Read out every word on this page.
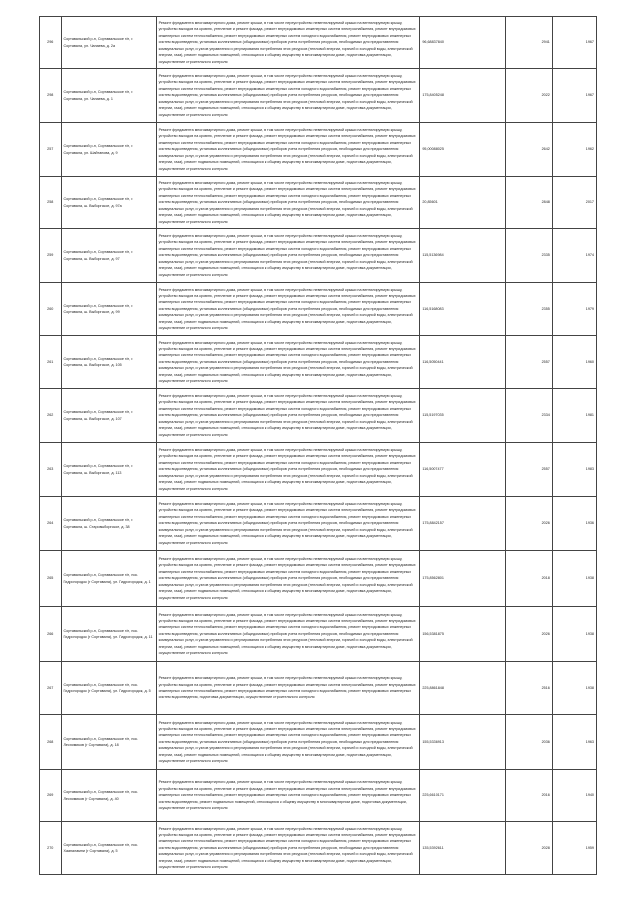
296	Сортавальский р-н, Сортавальское г/п, г. Сортавала, ул. Чапаева, д. 2а	Ремонт фундамента многоквартирного дома, ремонт крыши, в том числе переустройство невентилируемой крыши на вентилируемую крышу, устройство выходов на кровлю, утепление и ремонт фасада, ремонт внутридомовых инженерных систем электроснабжения, ремонт внутридомовых инженерных систем теплоснабжения, ремонт внутридомовых инженерных систем холодного водоснабжения, ремонт внутридомовых инженерных систем водоотведения, установка коллективных (общедомовых) приборов учета потребления ресурсов, необходимых для предоставления коммунальных услуг, и узлов управления и регулирования потребления этих ресурсов (тепловой энергии, горячей и холодной воды, электрической энергии, газа), ремонт подвальных помещений, относящихся к общему имуществу в многоквартирном доме, подготовка документации, осуществление строительного контроля	96,68837840	2941	1967
298	Сортавальский р-н, Сортавальское г/п, г. Сортавала, ул. Чапаева, д. 1	Ремонт фундамента многоквартирного дома, ремонт крыши, в том числе переустройство невентилируемой крыши на вентилируемую крышу, устройство выходов на кровлю, утепление и ремонт фасада, ремонт внутридомовых инженерных систем электроснабжения, ремонт внутридомовых инженерных систем теплоснабжения, ремонт внутридомовых инженерных систем холодного водоснабжения, ремонт внутридомовых инженерных систем водоотведения, установка коллективных (общедомовых) приборов учета потребления ресурсов, необходимых для предоставления коммунальных услуг, и узлов управления и регулирования потребления этих ресурсов (тепловой энергии, горячей и холодной воды, электрической энергии, газа), ремонт подвальных помещений, относящихся к общему имуществу в многоквартирном доме, подготовка документации, осуществление строительного контроля	175,8405248	2022	1967
257	Сортавальский р-н, Сортавальское г/п, г. Сортавала, ул. Шайтанова, д. 9	Ремонт фундамента многоквартирного дома, ремонт крыши, в том числе переустройство невентилируемой крыши на вентилируемую крышу, устройство выходов на кровлю, утепление и ремонт фасада, ремонт внутридомовых инженерных систем электроснабжения, ремонт внутридомовых инженерных систем теплоснабжения, ремонт внутридомовых инженерных систем холодного водоснабжения, ремонт внутридомовых инженерных систем водоотведения, установка коллективных (общедомовых) приборов учета потребления ресурсов, необходимых для предоставления коммунальных услуг, и узлов управления и регулирования потребления этих ресурсов (тепловой энергии, горячей и холодной воды, электрической энергии, газа), ремонт подвальных помещений, относящихся к общему имуществу в многоквартирном доме, подготовка документации, осуществление строительного контроля	95,00088025	2642	1962
258	Сортавальский р-н, Сортавальское г/п, г. Сортавала, ш. Выборгское, д. 97а	Ремонт фундамента многоквартирного дома, ремонт крыши, в том числе переустройство невентилируемой крыши на вентилируемую крышу, устройство выходов на кровлю, утепление и ремонт фасада, ремонт внутридомовых инженерных систем электроснабжения, ремонт внутридомовых инженерных систем теплоснабжения, ремонт внутридомовых инженерных систем холодного водоснабжения, ремонт внутридомовых инженерных систем водоотведения, установка коллективных (общедомовых) приборов учета потребления ресурсов, необходимых для предоставления коммунальных услуг, и узлов управления и регулирования потребления этих ресурсов (тепловой энергии, горячей и холодной воды, электрической энергии, газа), ремонт подвальных помещений, относящихся к общему имуществу в многоквартирном доме, подготовка документации, осуществление строительного контроля	20,85601	2848	2017
259	Сортавальский р-н, Сортавальское г/п, г. Сортавала, ш. Выборгское, д. 97	Ремонт фундамента многоквартирного дома, ремонт крыши, в том числе переустройство невентилируемой крыши на вентилируемую крышу, устройство выходов на кровлю, утепление и ремонт фасада, ремонт внутридомовых инженерных систем электроснабжения, ремонт внутридомовых инженерных систем теплоснабжения, ремонт внутридомовых инженерных систем холодного водоснабжения, ремонт внутридомовых инженерных систем водоотведения, установка коллективных (общедомовых) приборов учета потребления ресурсов, необходимых для предоставления коммунальных услуг, и узлов управления и регулирования потребления этих ресурсов (тепловой энергии, горячей и холодной воды, электрической энергии, газа), ремонт подвальных помещений, относящихся к общему имуществу в многоквартирном доме, подготовка документации, осуществление строительного контроля	115,5136984	2335	1974
260	Сортавальский р-н, Сортавальское г/п, г. Сортавала, ш. Выборгское, д. 99	Ремонт фундамента многоквартирного дома, ремонт крыши, в том числе переустройство невентилируемой крыши на вентилируемую крышу, устройство выходов на кровлю, утепление и ремонт фасада, ремонт внутридомовых инженерных систем электроснабжения, ремонт внутридомовых инженерных систем теплоснабжения, ремонт внутридомовых инженерных систем холодного водоснабжения, ремонт внутридомовых инженерных систем водоотведения, установка коллективных (общедомовых) приборов учета потребления ресурсов, необходимых для предоставления коммунальных услуг, и узлов управления и регулирования потребления этих ресурсов (тепловой энергии, горячей и холодной воды, электрической энергии, газа), ремонт подвальных помещений, относящихся к общему имуществу в многоквартирном доме, подготовка документации, осуществление строительного контроля	116,5168083	2355	1979
261	Сортавальский р-н, Сортавальское г/п, г. Сортавала, ш. Выборгское, д. 105	Ремонт фундамента многоквартирного дома, ремонт крыши, в том числе переустройство невентилируемой крыши на вентилируемую крышу, устройство выходов на кровлю, утепление и ремонт фасада, ремонт внутридомовых инженерных систем электроснабжения, ремонт внутридомовых инженерных систем теплоснабжения, ремонт внутридомовых инженерных систем холодного водоснабжения, ремонт внутридомовых инженерных систем водоотведения, установка коллективных (общедомовых) приборов учета потребления ресурсов, необходимых для предоставления коммунальных услуг, и узлов управления и регулирования потребления этих ресурсов (тепловой энергии, горячей и холодной воды, электрической энергии, газа), ремонт подвальных помещений, относящихся к общему имуществу в многоквартирном доме, подготовка документации, осуществление строительного контроля	116,5050441	2557	1960
262	Сортавальский р-н, Сортавальское г/п, г. Сортавала, ш. Выборгское, д. 107	Ремонт фундамента многоквартирного дома, ремонт крыши, в том числе переустройство невентилируемой крыши на вентилируемую крышу, устройство выходов на кровлю, утепление и ремонт фасада, ремонт внутридомовых инженерных систем электроснабжения, ремонт внутридомовых инженерных систем теплоснабжения, ремонт внутридомовых инженерных систем холодного водоснабжения, ремонт внутридомовых инженерных систем водоотведения, установка коллективных (общедомовых) приборов учета потребления ресурсов, необходимых для предоставления коммунальных услуг, и узлов управления и регулирования потребления этих ресурсов (тепловой энергии, горячей и холодной воды, электрической энергии, газа), ремонт подвальных помещений, относящихся к общему имуществу в многоквартирном доме, подготовка документации, осуществление строительного контроля	115,5197035	2334	1981
263	Сортавальский р-н, Сортавальское г/п, г. Сортавала, ш. Выборгское, д. 113	Ремонт фундамента многоквартирного дома, ремонт крыши, в том числе переустройство невентилируемой крыши на вентилируемую крышу, устройство выходов на кровлю, утепление и ремонт фасада, ремонт внутридомовых инженерных систем электроснабжения, ремонт внутридомовых инженерных систем теплоснабжения, ремонт внутридомовых инженерных систем холодного водоснабжения, ремонт внутридомовых инженерных систем водоотведения, установка коллективных (общедомовых) приборов учета потребления ресурсов, необходимых для предоставления коммунальных услуг, и узлов управления и регулирования потребления этих ресурсов (тепловой энергии, горячей и холодной воды, электрической энергии, газа), ремонт подвальных помещений, относящихся к общему имуществу в многоквартирном доме, подготовка документации, осуществление строительного контроля	116,5007477	2557	1983
264	Сортавальский р-н, Сортавальское г/п, г. Сортавала, ш. Старовыборгское, д. 38	Ремонт фундамента многоквартирного дома, ремонт крыши, в том числе переустройство невентилируемой крыши на вентилируемую крышу, устройство выходов на кровлю, утепление и ремонт фасада, ремонт внутридомовых инженерных систем электроснабжения, ремонт внутридомовых инженерных систем теплоснабжения, ремонт внутридомовых инженерных систем холодного водоснабжения, ремонт внутридомовых инженерных систем водоотведения, установка коллективных (общедомовых) приборов учета потребления ресурсов, необходимых для предоставления коммунальных услуг, и узлов управления и регулирования потребления этих ресурсов (тепловой энергии, горячей и холодной воды, электрической энергии, газа), ремонт подвальных помещений, относящихся к общему имуществу в многоквартирном доме, подготовка документации, осуществление строительного контроля	175,8842157	2026	1936
265	Сортавальский р-н, Сортавальское г/п, пос. Гидрогородок (г Сортавала), ул. Гидрогородок, д. 1	Ремонт фундамента многоквартирного дома, ремонт крыши, в том числе переустройство невентилируемой крыши на вентилируемую крышу, устройство выходов на кровлю, утепление и ремонт фасада, ремонт внутридомовых инженерных систем электроснабжения, ремонт внутридомовых инженерных систем теплоснабжения, ремонт внутридомовых инженерных систем холодного водоснабжения, ремонт внутридомовых инженерных систем водоотведения, установка коллективных (общедомовых) приборов учета потребления ресурсов, необходимых для предоставления коммунальных услуг, и узлов управления и регулирования потребления этих ресурсов (тепловой энергии, горячей и холодной воды, электрической энергии, газа), ремонт подвальных помещений, относящихся к общему имуществу в многоквартирном доме, подготовка документации, осуществление строительного контроля	175,8562801	2018	1938
266	Сортавальский р-н, Сортавальское г/п, пос. Гидрогородок (г Сортавала), ул. Гидрогородок, д. 11	Ремонт фундамента многоквартирного дома, ремонт крыши, в том числе переустройство невентилируемой крыши на вентилируемую крышу, устройство выходов на кровлю, утепление и ремонт фасада, ремонт внутридомовых инженерных систем электроснабжения, ремонт внутридомовых инженерных систем теплоснабжения, ремонт внутридомовых инженерных систем холодного водоснабжения, ремонт внутридомовых инженерных систем водоотведения, установка коллективных (общедомовых) приборов учета потребления ресурсов, необходимых для предоставления коммунальных услуг, и узлов управления и регулирования потребления этих ресурсов (тепловой энергии, горячей и холодной воды, электрической энергии, газа), ремонт подвальных помещений, относящихся к общему имуществу в многоквартирном доме, подготовка документации, осуществление строительного контроля	156,5381875	2026	1938
267	Сортавальский р-н, Сортавальское г/п, пос. Гидрогородок (г Сортавала), ул. Гидрогородок, д. 5	Ремонт фундамента многоквартирного дома, ремонт крыши, в том числе переустройство невентилируемой крыши на вентилируемую крышу, устройство выходов на кровлю, утепление и ремонт фасада, ремонт внутридомовых инженерных систем электроснабжения, ремонт внутридомовых инженерных систем теплоснабжения, ремонт внутридомовых инженерных систем холодного водоснабжения, ремонт внутридомовых инженерных систем водоотведения, подготовка документации, осуществление строительного контроля	225,8861848	2516	1938
268	Сортавальский р-н, Сортавальское г/п, пос. Лесхимиков (г Сортавала), д. 18	Ремонт фундамента многоквартирного дома, ремонт крыши, в том числе переустройство невентилируемой крыши на вентилируемую крышу, устройство выходов на кровлю, утепление и ремонт фасада, ремонт внутридомовых инженерных систем электроснабжения, ремонт внутридомовых инженерных систем теплоснабжения, ремонт внутридомовых инженерных систем холодного водоснабжения, ремонт внутридомовых инженерных систем водоотведения, установка коллективных (общедомовых) приборов учета потребления ресурсов, необходимых для предоставления коммунальных услуг, и узлов управления и регулирования потребления этих ресурсов (тепловой энергии, горячей и холодной воды, электрической энергии, газа), ремонт подвальных помещений, относящихся к общему имуществу в многоквартирном доме, подготовка документации, осуществление строительного контроля	155,5336913	2036	1963
269	Сортавальский р-н, Сортавальское г/п, пос. Лесхимиков (г Сортавала), д. 40	Ремонт фундамента многоквартирного дома, ремонт крыши, в том числе переустройство невентилируемой крыши на вентилируемую крышу, устройство выходов на кровлю, утепление и ремонт фасада, ремонт внутридомовых инженерных систем электроснабжения, ремонт внутридомовых инженерных систем теплоснабжения, ремонт внутридомовых инженерных систем холодного водоснабжения, ремонт внутридомовых инженерных систем водоотведения, ремонт подвальных помещений, относящихся к общему имуществу в многоквартирном доме, подготовка документации, осуществление строительного контроля	225,6610171	2016	1940
270	Сортавальский р-н, Сортавальское г/п, пос. Хаапалампи (г Сортавала), д. 5	Ремонт фундамента многоквартирного дома, ремонт крыши, в том числе переустройство невентилируемой крыши на вентилируемую крышу, устройство выходов на кровлю, утепление и ремонт фасада, ремонт внутридомовых инженерных систем электроснабжения, ремонт внутридомовых инженерных систем теплоснабжения, ремонт внутридомовых инженерных систем холодного водоснабжения, ремонт внутридомовых инженерных систем водоотведения, установка коллективных (общедомовых) приборов учета потребления ресурсов, необходимых для предоставления коммунальных услуг, и узлов управления и регулирования потребления этих ресурсов (тепловой энергии, горячей и холодной воды, электрической энергии, газа), ремонт подвальных помещений, относящихся к общему имуществу в многоквартирном доме, подготовка документации, осуществление строительного контроля	135,5392611	2028	1959
